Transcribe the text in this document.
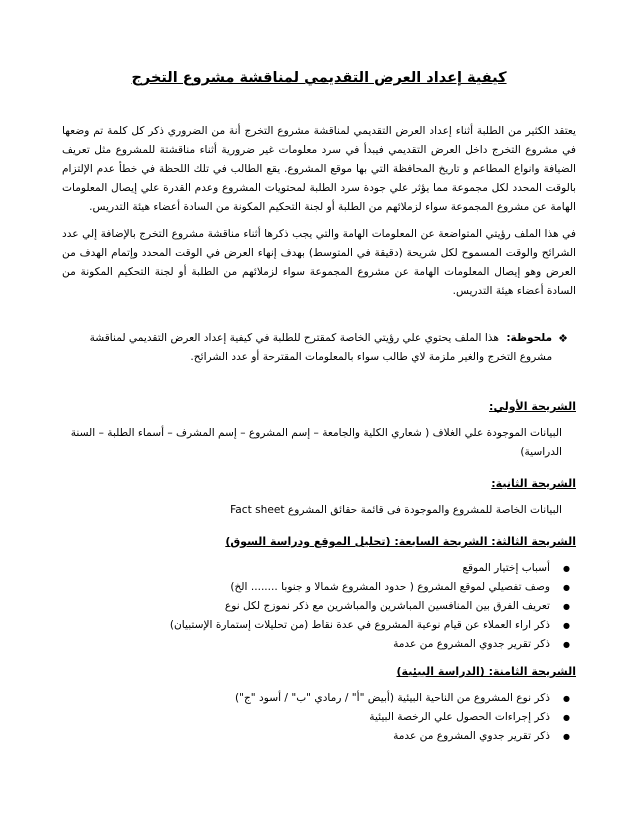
كيفية إعداد العرض التقديمي لمناقشة مشروع التخرج

يعتقد الكثير من الطلبة أثناء إعداد العرض التقديمي لمناقشة مشروع التخرج أنة من الضروري ذكر كل كلمة تم وضعها في مشروع التخرج داخل العرض التقديمي فيبدأ في سرد معلومات غير ضرورية أثناء مناقشتة للمشروع مثل تعريف الضيافة وانواع المطاعم و تاريخ المحافظة التي بها موقع المشروع. يقع الطالب في تلك اللحظة في خطأ عدم الإلتزام بالوقت المحدد لكل مجموعة مما يؤثر علي جودة سرد الطلبة لمحتويات المشروع وعدم القدرة علي إيصال المعلومات الهامة عن مشروع المجموعة سواء لزملائهم من الطلبة أو لجنة التحكيم المكونة من السادة أعضاء هيئة التدريس.

في هذا الملف رؤيتي المتواضعة عن المعلومات الهامة والتي يجب ذكرها أثناء مناقشة مشروع التخرج بالإضافة إلي عدد الشرائح والوقت المسموح لكل شريحة (دقيقة في المتوسط) بهدف إنهاء العرض في الوقت المحدد وإتمام الهدف من العرض وهو إيصال المعلومات الهامة عن مشروع المجموعة سواء لزملائهم من الطلبة أو لجنة التحكيم المكونة من السادة أعضاء هيئة التدريس.

❖
ملحوظة: هذا الملف يحتوي علي رؤيتي الخاصة كمقترح للطلبة في كيفية إعداد العرض التقديمي لمناقشة مشروع التخرج والغير ملزمة لاي طالب سواء بالمعلومات المقترحة أو عدد الشرائح.
الشريحة الأولي:
البيانات الموجودة علي الغلاف ( شعاري الكلية والجامعة – إسم المشروع – إسم المشرف – أسماء الطلبة – السنة الدراسية)
الشريحة الثانية:
البيانات الخاصة للمشروع والموجودة فى قائمة حقائق المشروع Fact sheet
الشريحة الثالثة: الشريحة السابعة: (تحليل الموقع ودراسة السوق)
● أسباب إختيار الموقع
● وصف تفصيلي لموقع المشروع ( حدود المشروع شمالا و جنوبا ........ الخ)
● تعريف الفرق بين المنافسين المباشرين والمباشرين مع ذكر نموزج لكل نوع
● ذكر اراء العملاء عن قيام نوعية المشروع في عدة نقاط (من تحليلات إستمارة الإستبيان)
● ذكر تقرير جدوي المشروع من عدمة
الشريحة الثامنة: (الدراسة البيئية)
● ذكر نوع المشروع من الناحية البيئية (أبيض "أ" / رمادي "ب" / أسود "ج")
● ذكر إجراءات الحصول علي الرخصة البيئية
● ذكر تقرير جدوي المشروع من عدمة
